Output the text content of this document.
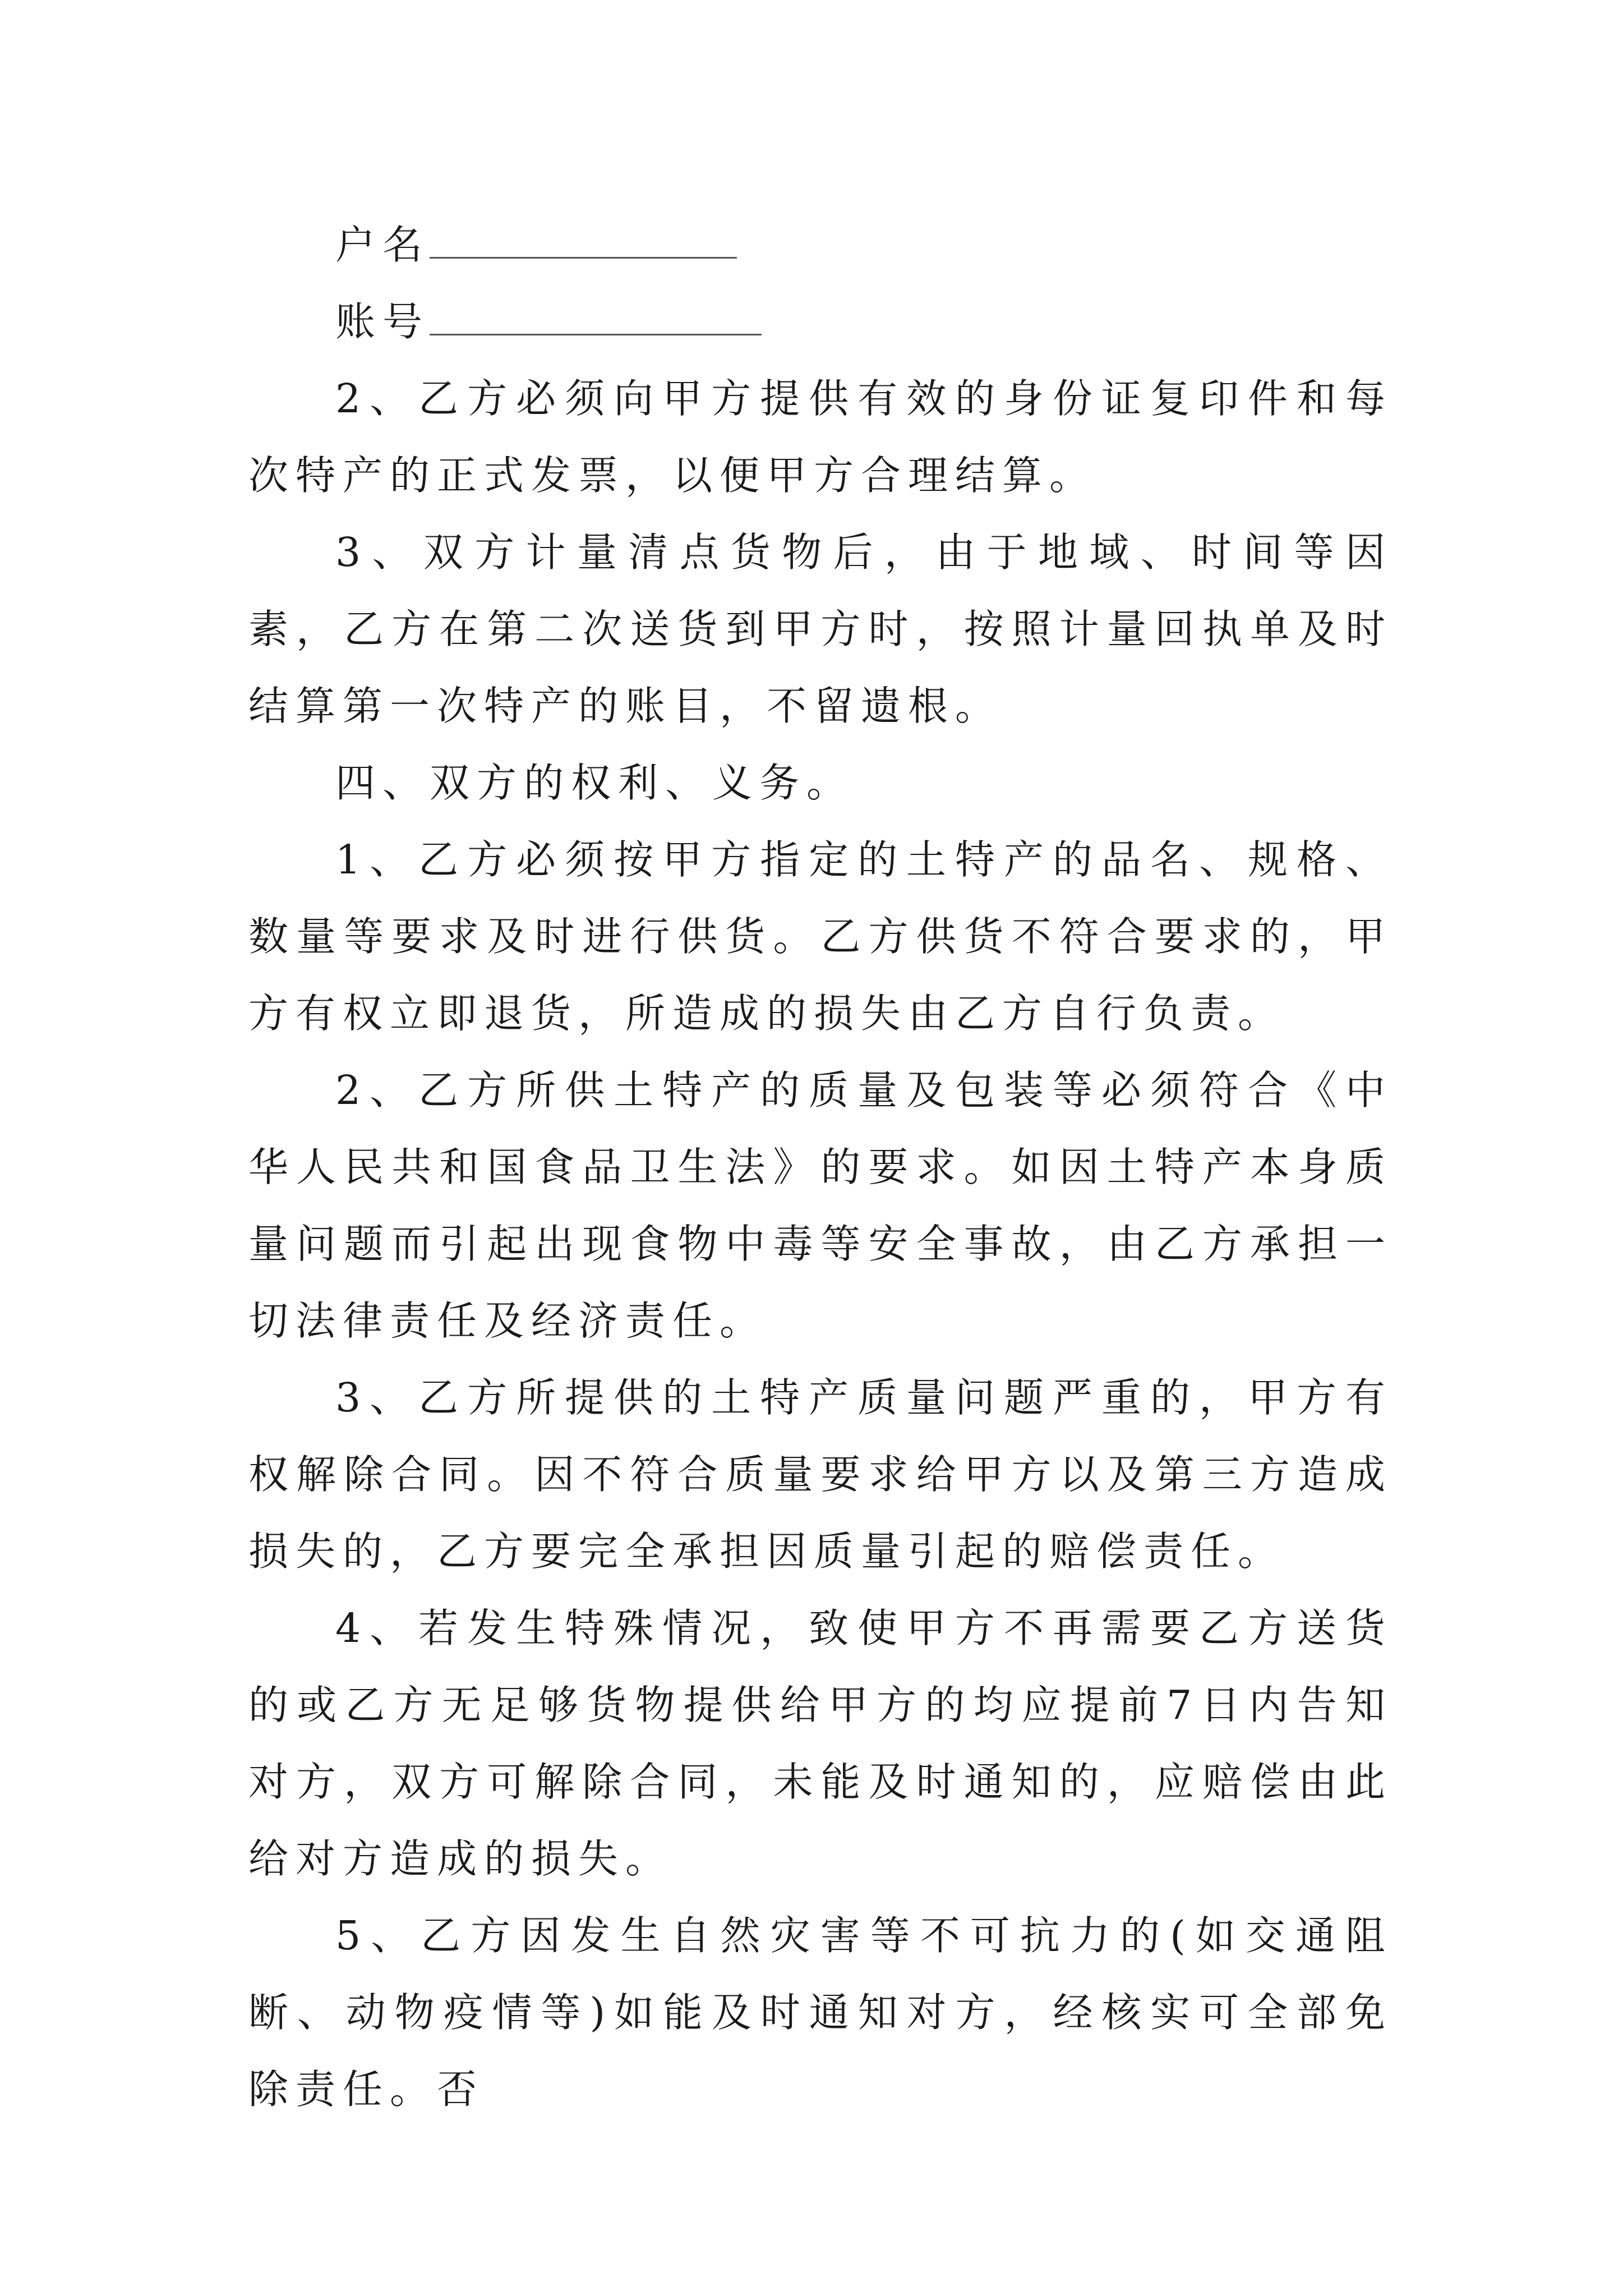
户名
账号

2、乙方必须向甲方提供有效的身份证复印件和每次特产的正式发票，以便甲方合理结算。

3、双方计量清点货物后，由于地域、时间等因素，乙方在第二次送货到甲方时，按照计量回执单及时结算第一次特产的账目，不留遗根。

四、双方的权利、义务。

1、乙方必须按甲方指定的土特产的品名、规格、数量等要求及时进行供货。乙方供货不符合要求的，甲方有权立即退货，所造成的损失由乙方自行负责。

2、乙方所供土特产的质量及包装等必须符合《中华人民共和国食品卫生法》的要求。如因土特产本身质量问题而引起出现食物中毒等安全事故，由乙方承担一切法律责任及经济责任。

3、乙方所提供的土特产质量问题严重的，甲方有权解除合同。因不符合质量要求给甲方以及第三方造成损失的，乙方要完全承担因质量引起的赔偿责任。

4、若发生特殊情况，致使甲方不再需要乙方送货的或乙方无足够货物提供给甲方的均应提前7日内告知对方，双方可解除合同，未能及时通知的，应赔偿由此给对方造成的损失。

5、乙方因发生自然灾害等不可抗力的(如交通阻断、动物疫情等)如能及时通知对方，经核实可全部免除责任。否
